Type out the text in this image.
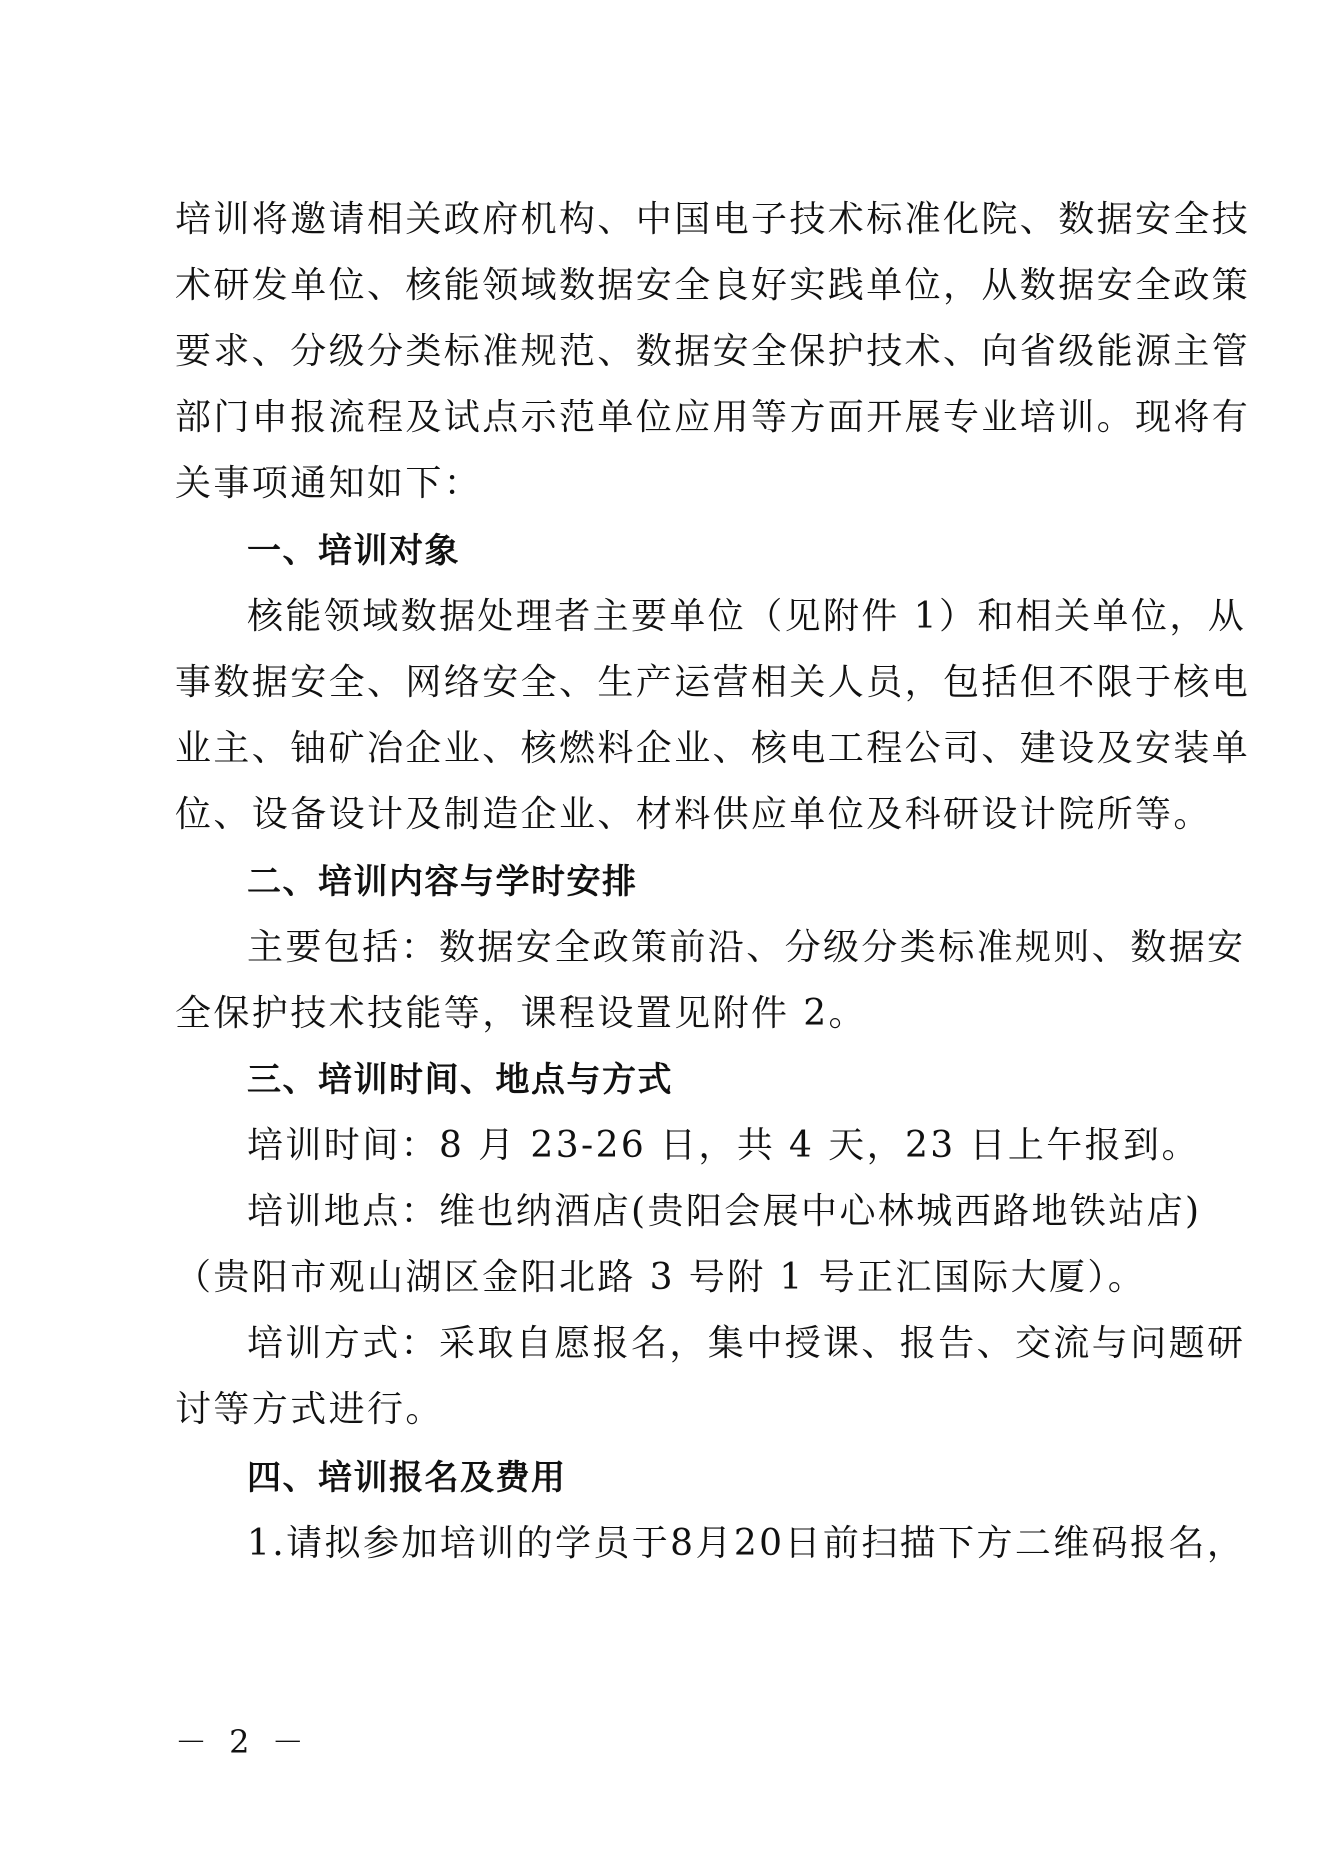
培训将邀请相关政府机构、中国电子技术标准化院、数据安全技
术研发单位、核能领域数据安全良好实践单位，从数据安全政策
要求、分级分类标准规范、数据安全保护技术、向省级能源主管
部门申报流程及试点示范单位应用等方面开展专业培训。现将有
关事项通知如下：
一、培训对象
核能领域数据处理者主要单位（见附件 1）和相关单位，从
事数据安全、网络安全、生产运营相关人员，包括但不限于核电
业主、铀矿冶企业、核燃料企业、核电工程公司、建设及安装单
位、设备设计及制造企业、材料供应单位及科研设计院所等。
二、培训内容与学时安排
主要包括：数据安全政策前沿、分级分类标准规则、数据安
全保护技术技能等，课程设置见附件 2。
三、培训时间、地点与方式
培训时间：8 月 23-26 日，共 4 天，23 日上午报到。
培训地点：维也纳酒店(贵阳会展中心林城西路地铁站店)
（贵阳市观山湖区金阳北路 3 号附 1 号正汇国际大厦）。
培训方式：采取自愿报名，集中授课、报告、交流与问题研
讨等方式进行。
四、培训报名及费用
1.请拟参加培训的学员于8月20日前扫描下方二维码报名，
－ 2 －
